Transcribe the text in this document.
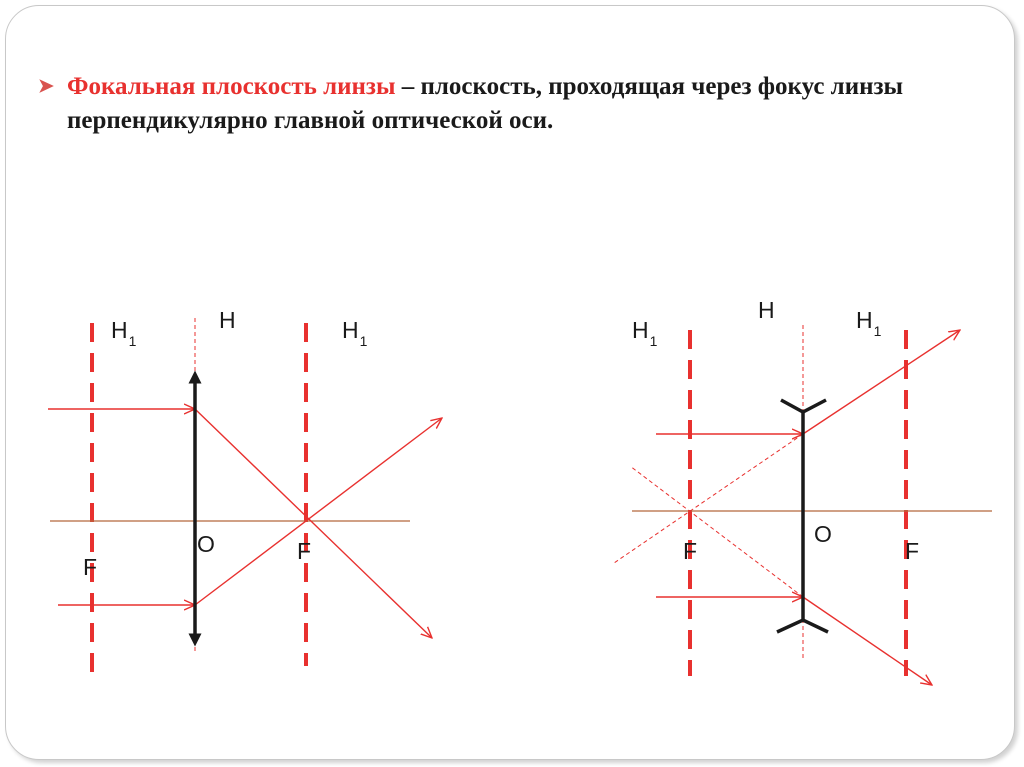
➤ Фокальная плоскость линзы – плоскость, проходящая через фокус линзы перпендикулярно главной оптической оси.
$H_1$
H	$H_1$
O
F
F
$H_1$
H	$H_1$
O
F	F
